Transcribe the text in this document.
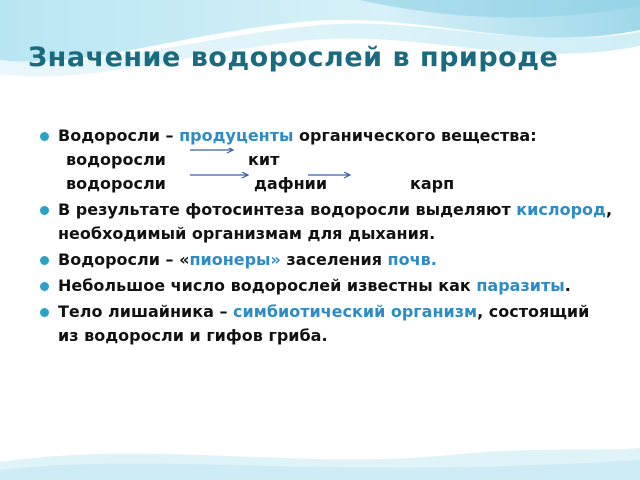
Значение водорослей в природе
Водоросли – продуценты органического вещества:
водоросли	кит
водоросли	дафнии	карп
В результате фотосинтеза водоросли выделяют кислород, необходимый организмам для дыхания.
Водоросли – «пионеры» заселения почв.
Небольшое число водорослей известны как паразиты.
Тело лишайника – симбиотический организм, состоящий из водоросли и гифов гриба.
